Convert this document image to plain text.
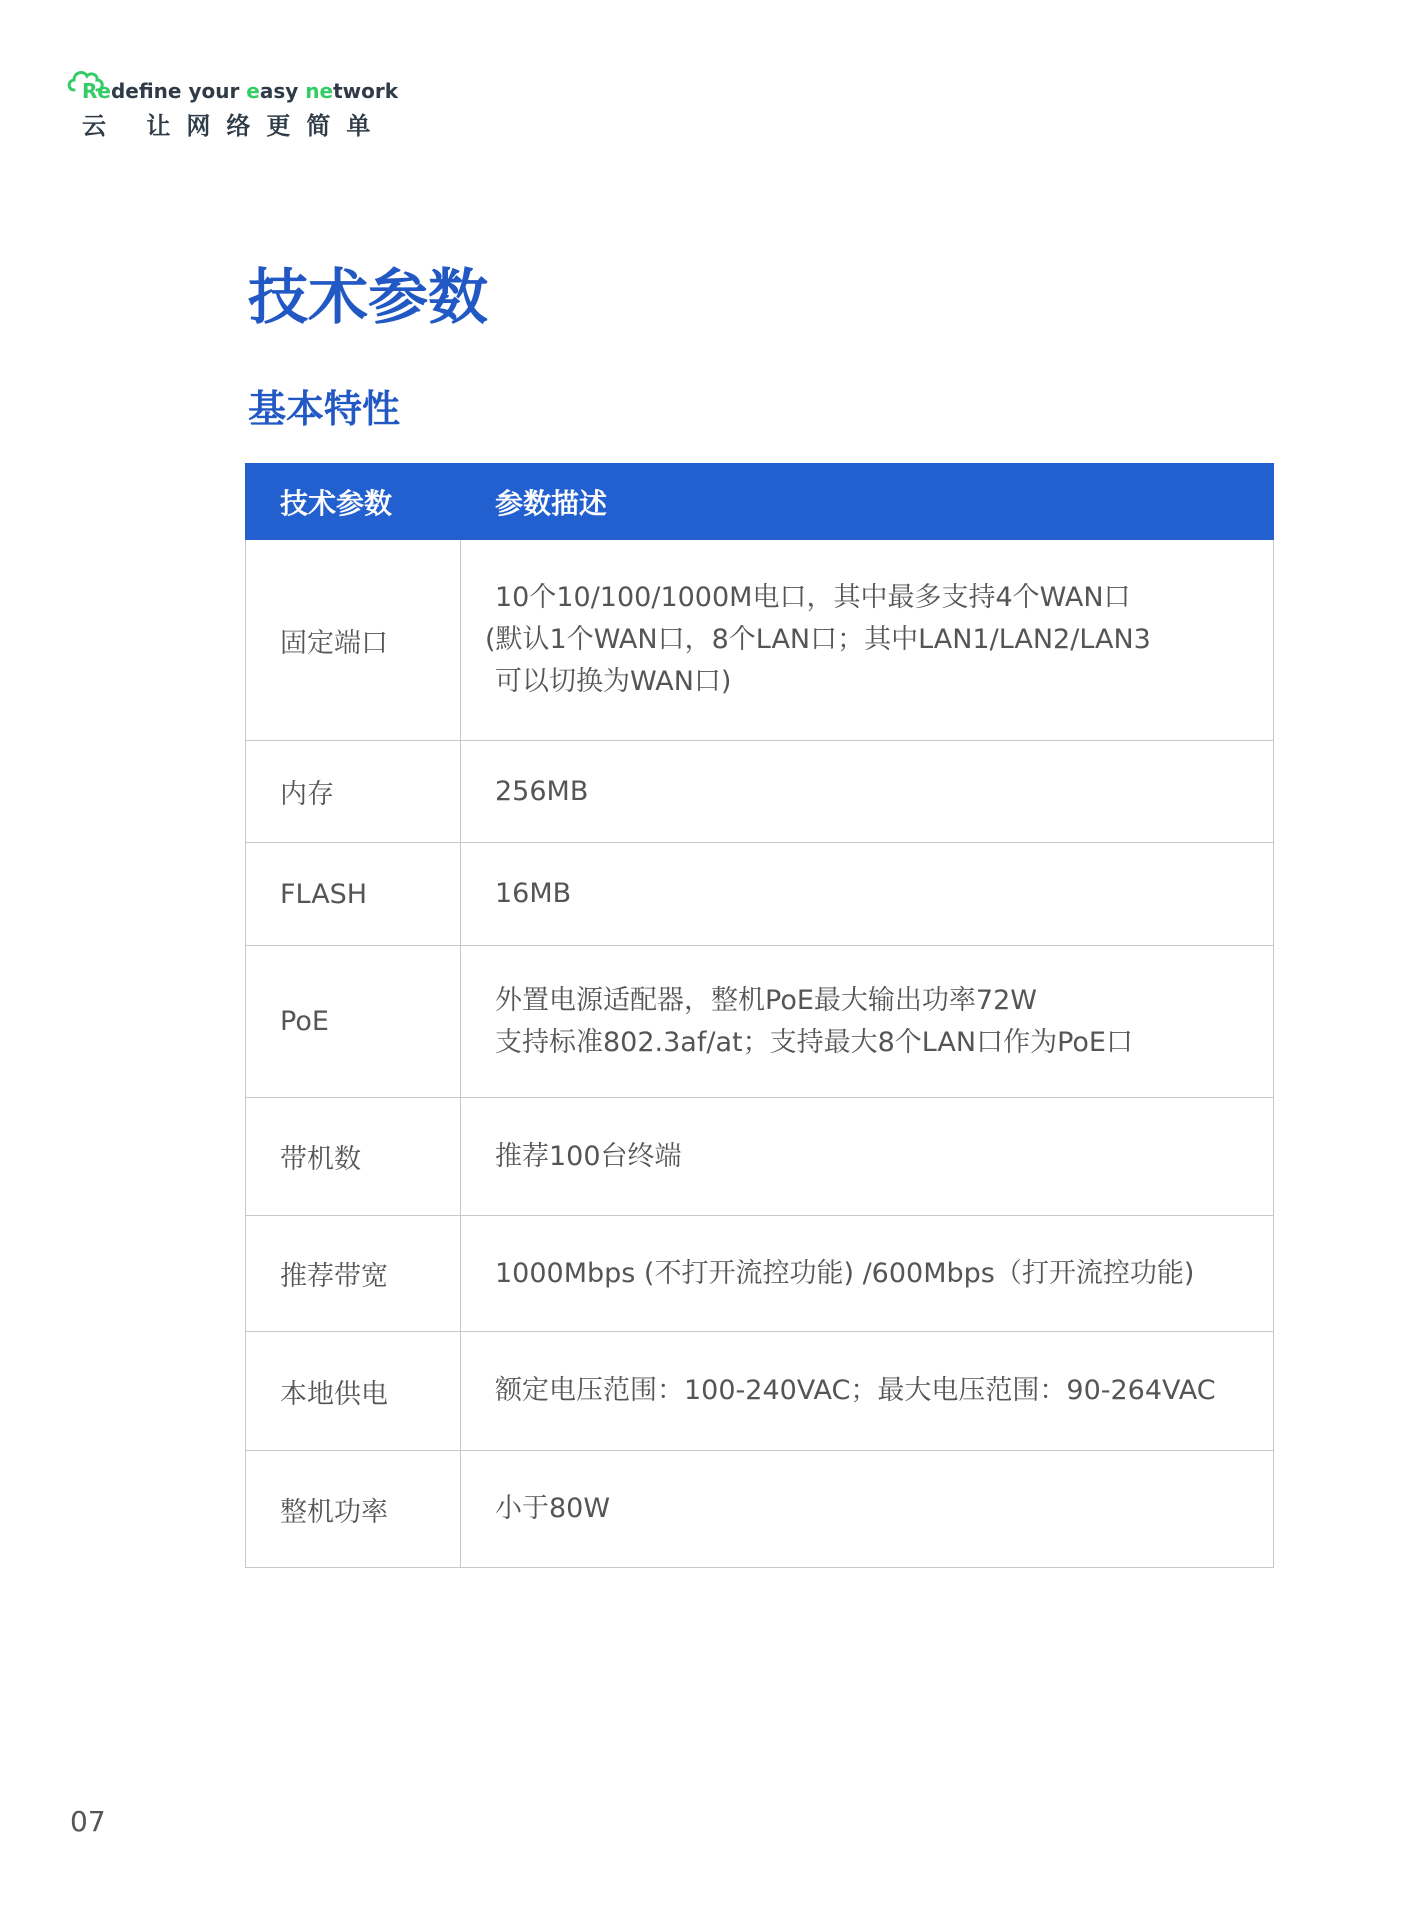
Redefine your easy network
云 让网络更简单
技术参数
基本特性
技术参数	参数描述
固定端口	10个10/100/1000M电口，其中最多支持4个WAN口
(默认1个WAN口，8个LAN口；其中LAN1/LAN2/LAN3
可以切换为WAN口)

内存	256MB

FLASH	16MB

PoE	外置电源适配器，整机PoE最大输出功率72W
支持标准802.3af/at；支持最大8个LAN口作为PoE口

带机数	推荐100台终端

推荐带宽	1000Mbps (不打开流控功能) /600Mbps（打开流控功能)

本地供电	额定电压范围：100-240VAC；最大电压范围：90-264VAC

整机功率	小于80W
07
